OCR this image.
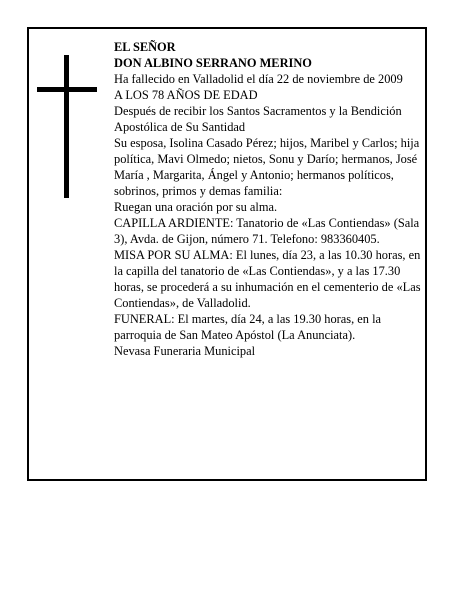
EL SEÑOR

DON ALBINO SERRANO MERINO

Ha fallecido en Valladolid el día 22 de noviembre de 2009

A LOS 78 AÑOS DE EDAD

Después de recibir los Santos Sacramentos y la Bendición Apostólica de Su Santidad

Su esposa, Isolina Casado Pérez; hijos, Maribel y Carlos; hija política, Mavi Olmedo; nietos, Sonu y Darío; hermanos, José María , Margarita, Ángel y Antonio; hermanos políticos, sobrinos, primos y demas familia:

Ruegan una oración por su alma.

CAPILLA ARDIENTE: Tanatorio de «Las Contiendas» (Sala 3), Avda. de Gijon, número 71. Telefono: 983360405.

MISA POR SU ALMA: El lunes, día 23, a las 10.30 horas, en la capilla del tanatorio de «Las Contiendas», y a las 17.30 horas, se procederá a su inhumación en el cementerio de «Las Contiendas», de Valladolid.

FUNERAL: El martes, día 24, a las 19.30 horas, en la parroquia de San Mateo Apóstol (La Anunciata).

Nevasa Funeraria Municipal
